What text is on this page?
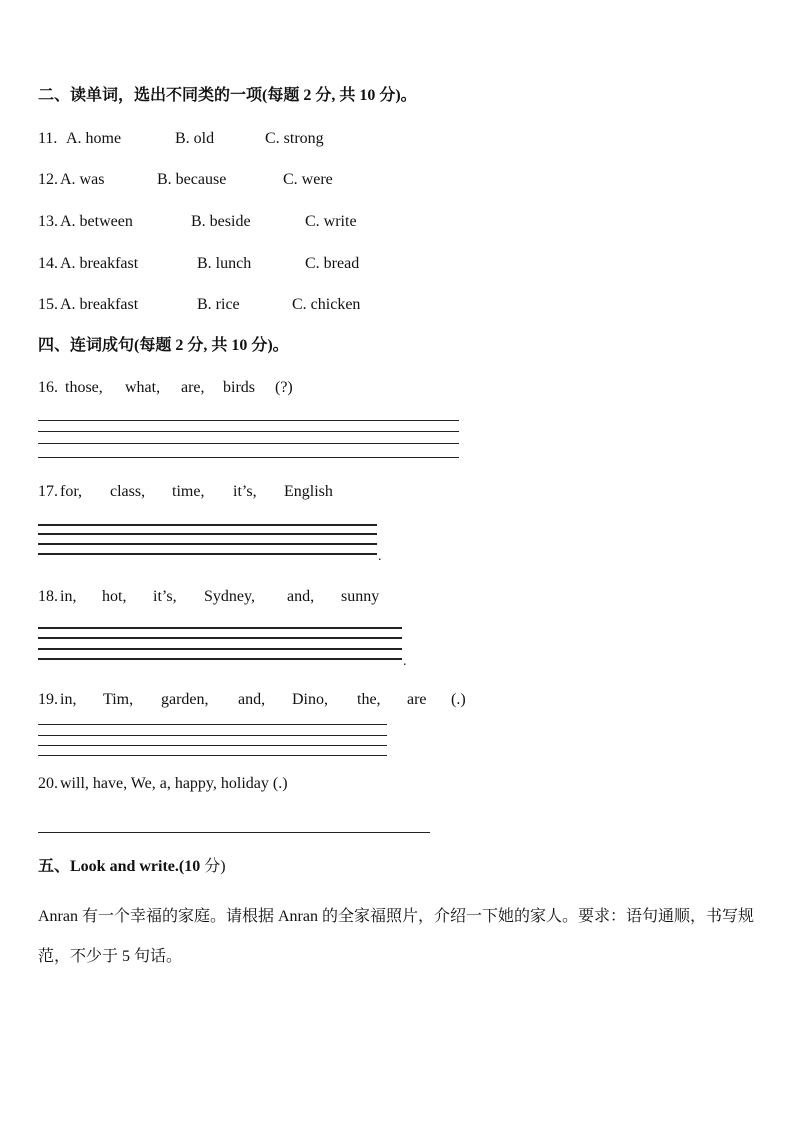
二、读单词，选出不同类的一项(每题 2 分, 共 10 分)。
11. A. home	B. old	C. strong
12. A. was	B. because	C. were
13. A. between	B. beside	C. write
14. A. breakfast	B. lunch	C. bread
15. A. breakfast	B. rice	C. chicken
四、连词成句(每题 2 分, 共 10 分)。
16. those, what, are, birds (?)
17. for, class, time, it’s, English
.
18. in, hot, it’s, Sydney, and, sunny
.
19. in, Tim, garden, and, Dino, the, are (.)
20. will, have, We, a, happy, holiday (.)
五、Look and write.(10 分)
Anran 有一个幸福的家庭。请根据 Anran 的全家福照片，介绍一下她的家人。要求：语句通顺，书写规范，不少于 5 句话。
